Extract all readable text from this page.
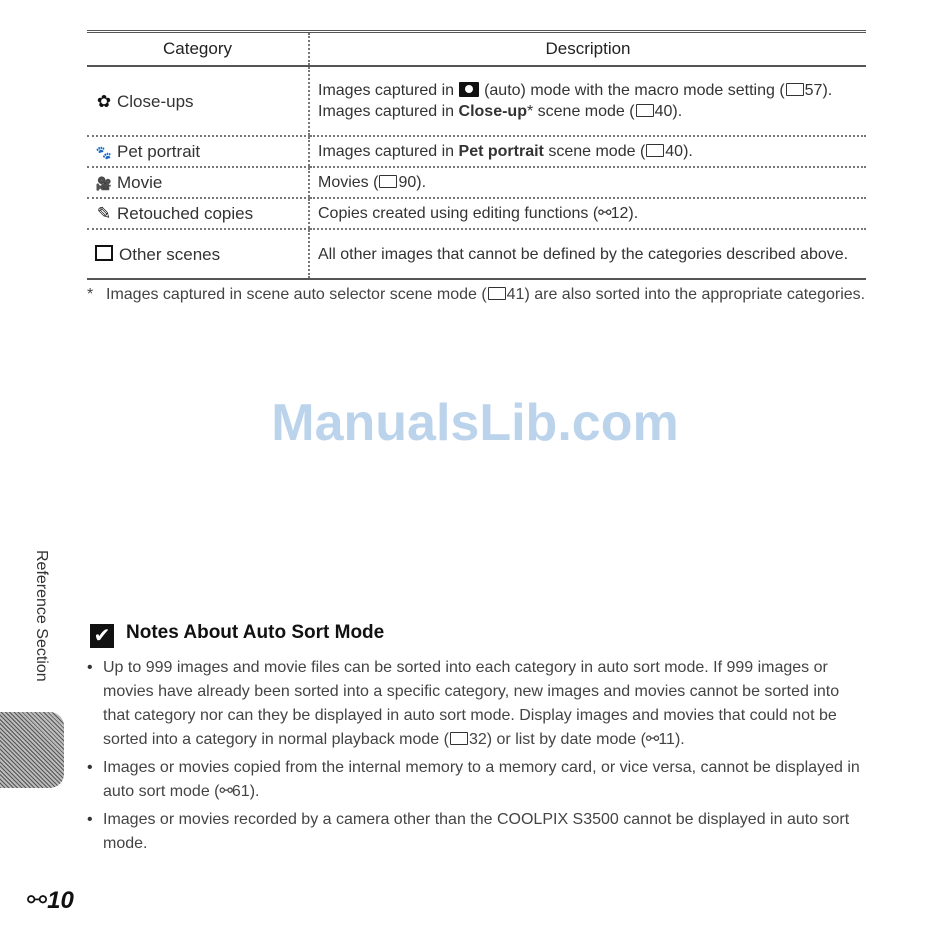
Category	Description
✿ Close-ups	Images captured in (auto) mode with the macro mode setting ( 57).
Images captured in Close-up* scene mode ( 40).
🐾 Pet portrait	Images captured in Pet portrait scene mode ( 40).
🎥 Movie	Movies ( 90).
✎ Retouched copies	Copies created using editing functions (⚯12).
Other scenes	All other images that cannot be defined by the categories described above.
* Images captured in scene auto selector scene mode ( 41) are also sorted into the appropriate categories.
ManualsLib.com
Reference Section ✔ Notes About Auto Sort Mode
• Up to 999 images and movie files can be sorted into each category in auto sort mode. If 999 images or movies have already been sorted into a specific category, new images and movies cannot be sorted into that category nor can they be displayed in auto sort mode. Display images and movies that could not be sorted into a category in normal playback mode ( 32) or list by date mode (⚯11).
• Images or movies copied from the internal memory to a memory card, or vice versa, cannot be displayed in auto sort mode (⚯61).
• Images or movies recorded by a camera other than the COOLPIX S3500 cannot be displayed in auto sort mode.
⚯10
